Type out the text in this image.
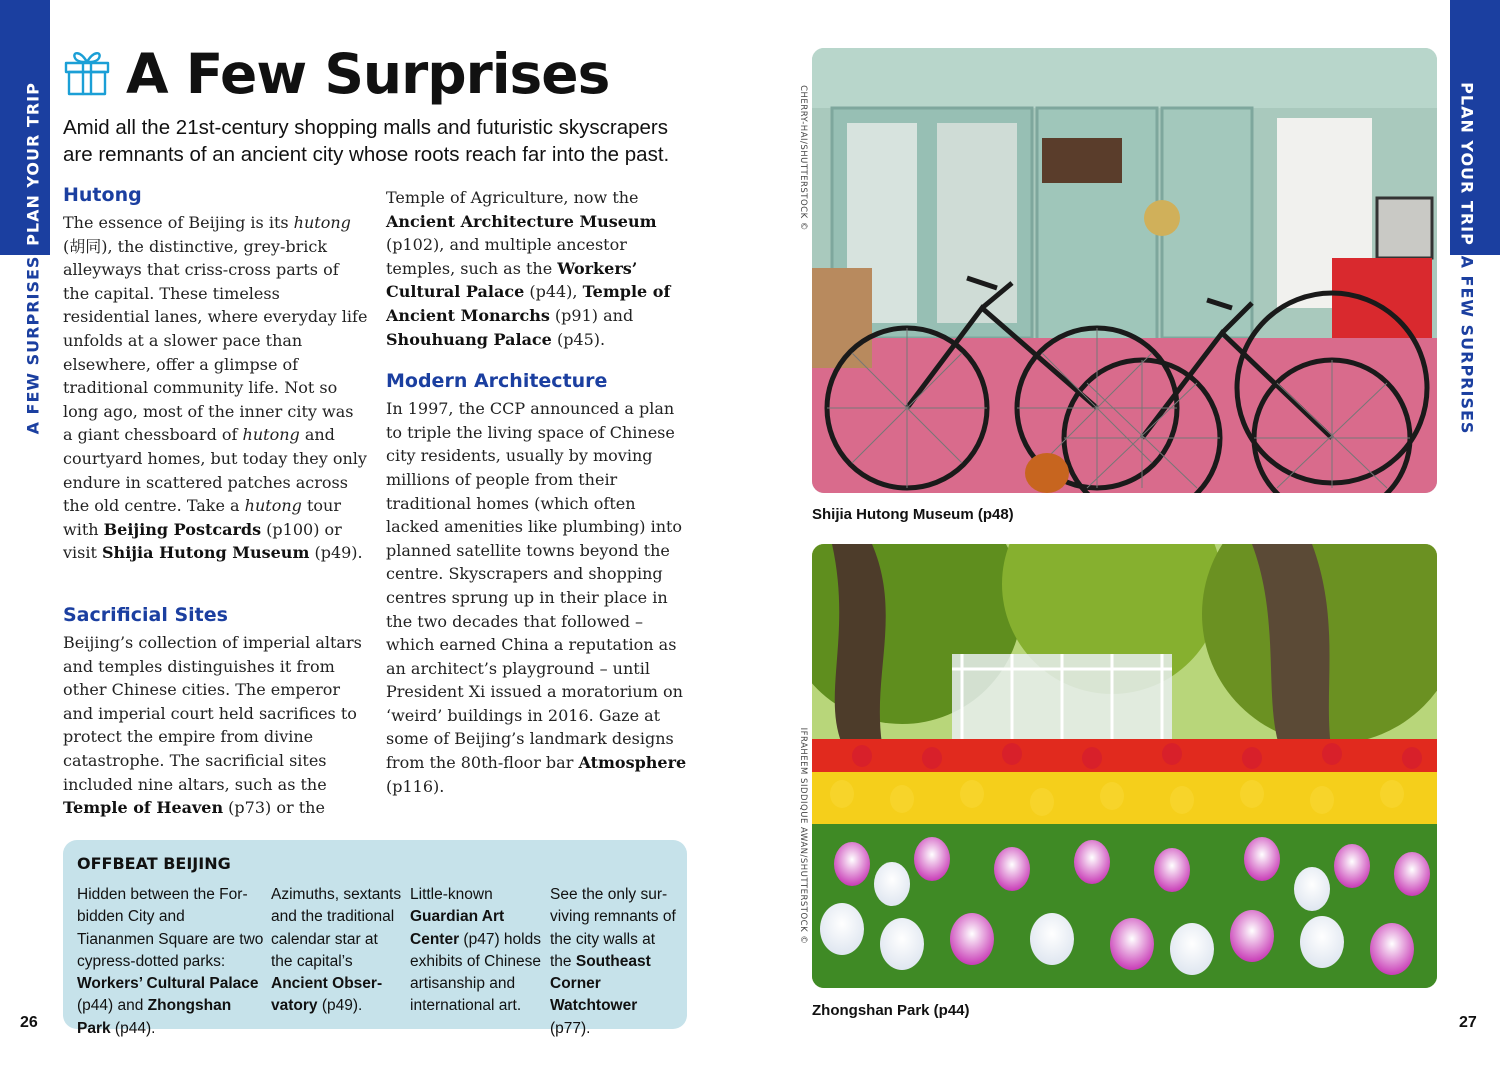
PLAN YOUR TRIP
A FEW SURPRISES
PLAN YOUR TRIP
A FEW SURPRISES
A Few Surprises

Amid all the 21st-century shopping malls and futuristic skyscrapers are remnants of an ancient city whose roots reach far into the past.

Hutong

The essence of Beijing is its hutong (胡同), the distinctive, grey-brick alleyways that criss-cross parts of the capital. These timeless residential lanes, where everyday life unfolds at a slower pace than elsewhere, offer a glimpse of traditional community life. Not so long ago, most of the inner city was a giant chessboard of hutong and courtyard homes, but today they only endure in scattered patches across the old centre. Take a hutong tour with Beijing Postcards (p100) or visit Shijia Hutong Museum (p49).

Sacrificial Sites

Beijing’s collection of imperial altars and temples distinguishes it from other Chinese cities. The emperor and imperial court held sacrifices to protect the empire from divine catastrophe. The sacrificial sites included nine altars, such as the Temple of Heaven (p73) or the

Temple of Agriculture, now the Ancient Architecture Museum (p102), and multiple ancestor temples, such as the Workers’ Cultural Palace (p44), Temple of Ancient Monarchs (p91) and Shouhuang Palace (p45).

Modern Architecture

In 1997, the CCP announced a plan to triple the living space of Chinese city residents, usually by moving millions of people from their traditional homes (which often lacked amenities like plumbing) into planned satellite towns beyond the centre. Skyscrapers and shopping centres sprung up in their place in the two decades that followed – which earned China a reputation as an architect’s playground – until President Xi issued a moratorium on ‘weird’ buildings in 2016. Gaze at some of Beijing’s landmark designs from the 80th-floor bar Atmosphere (p116).

OFFBEAT BEIJING

Hidden between the Forbidden City and Tiananmen Square are two cypress-dotted parks: Workers’ Cultural Palace (p44) and Zhongshan Park (p44).

Azimuths, sextants and the traditional calendar star at the capital’s Ancient Observatory (p49).

Little-known Guardian Art Center (p47) holds exhibits of Chinese artisanship and international art.

See the only surviving remnants of the city walls at the Southeast Corner Watchtower (p77).

26	27
Shijia Hutong Museum (p48)
CHERRY-HAI/SHUTTERSTOCK ©
Zhongshan Park (p44)
IFRAHEEM SIDDIQUE AWAN/SHUTTERSTOCK ©
